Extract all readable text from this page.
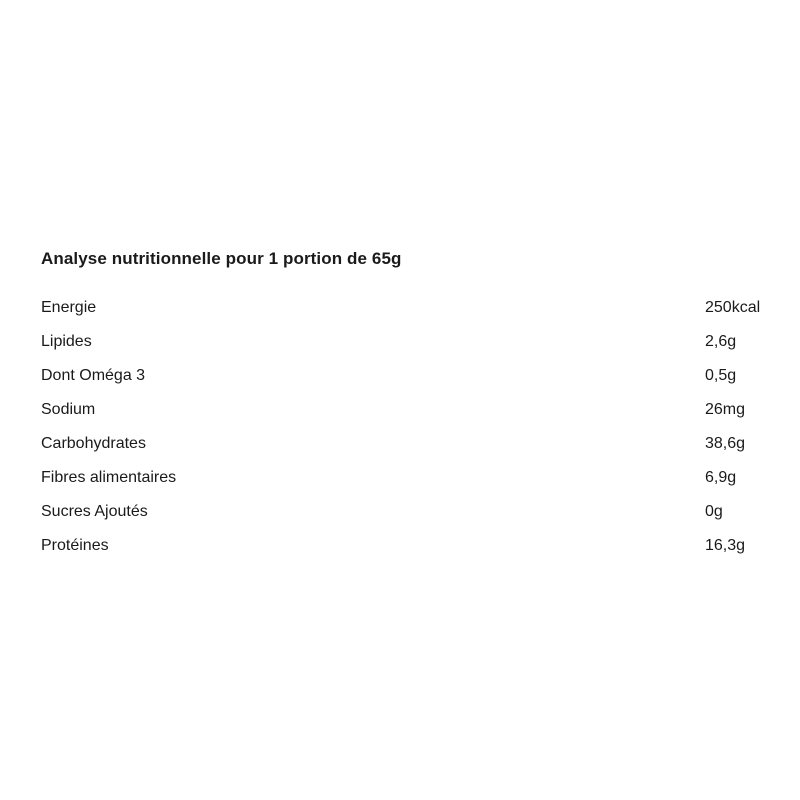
Analyse nutritionnelle pour 1 portion de 65g
Energie	250kcal
Lipides	2,6g
Dont Oméga 3	0,5g
Sodium	26mg
Carbohydrates	38,6g
Fibres alimentaires	6,9g
Sucres Ajoutés	0g
Protéines	16,3g
